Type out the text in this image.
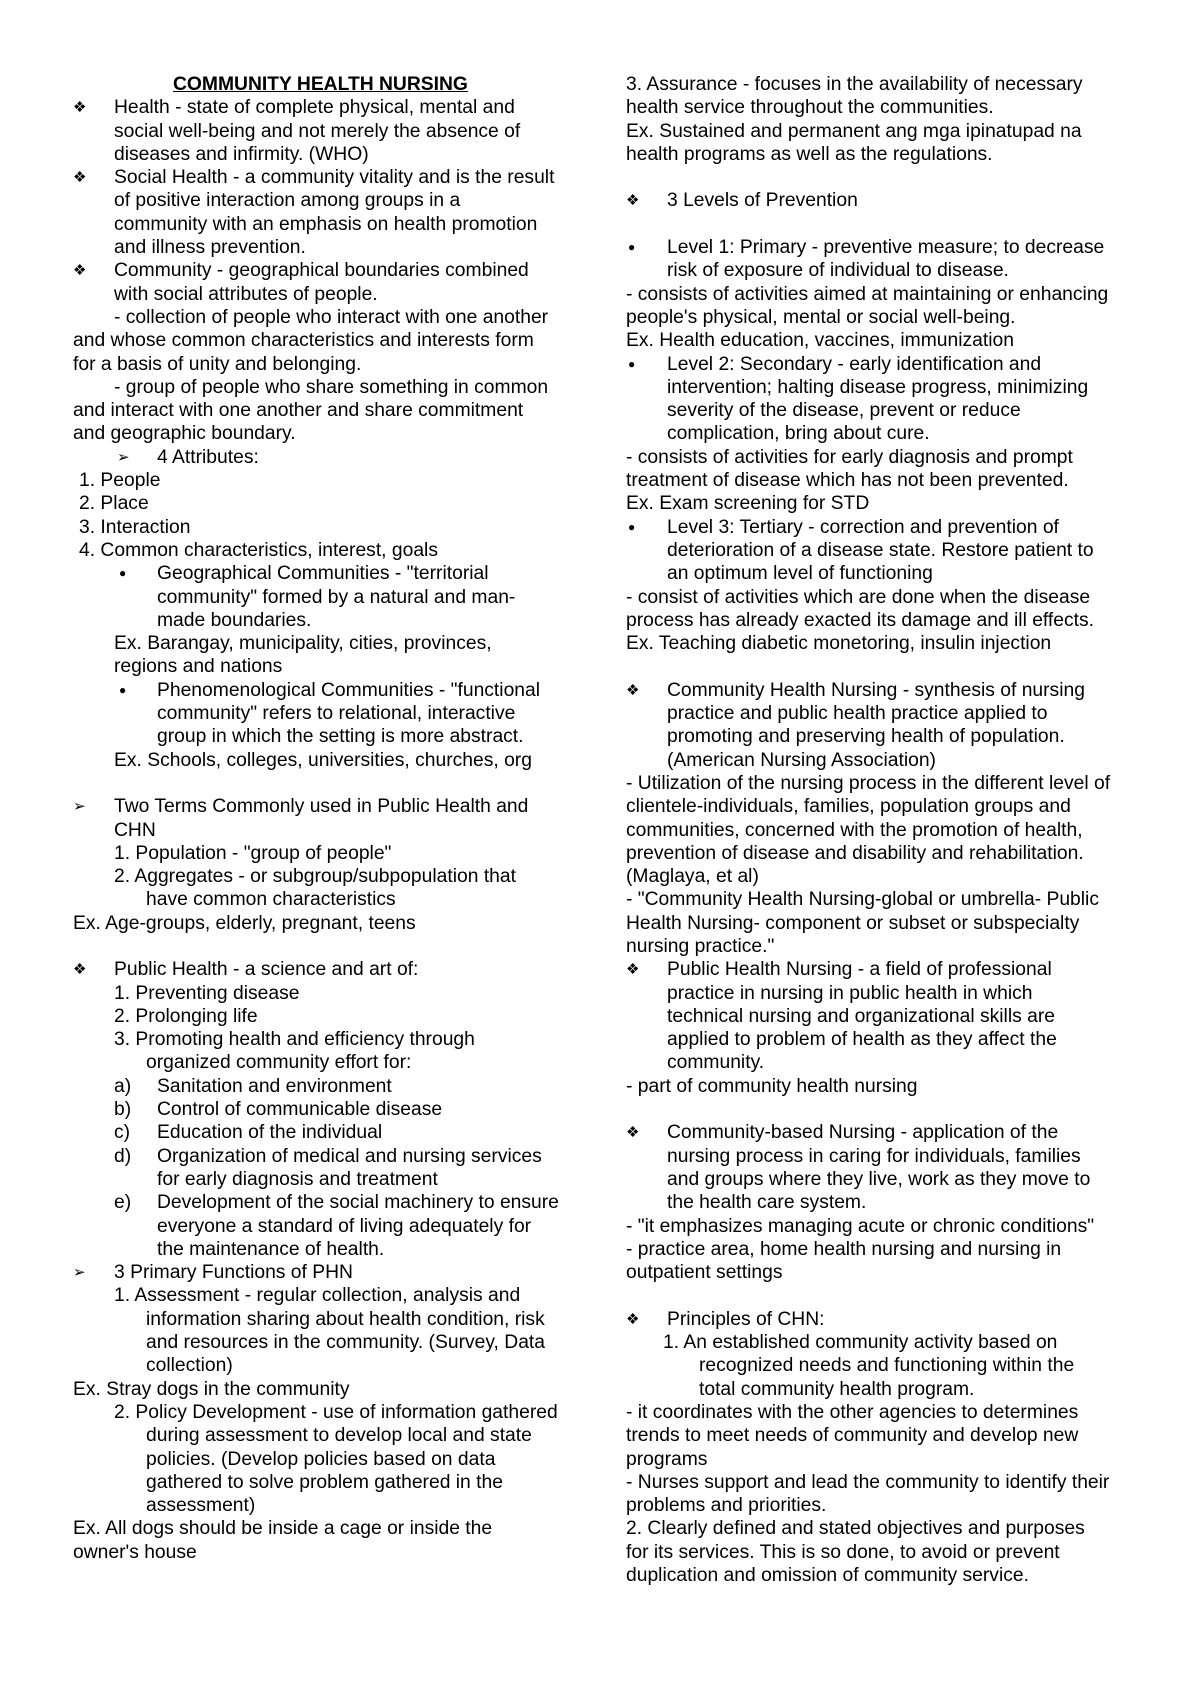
COMMUNITY HEALTH NURSING
❖ Health - state of complete physical, mental and
social well-being and not merely the absence of
diseases and infirmity. (WHO)
❖ Social Health - a community vitality and is the result
of positive interaction among groups in a
community with an emphasis on health promotion
and illness prevention.
❖ Community - geographical boundaries combined
with social attributes of people.
- collection of people who interact with one another
and whose common characteristics and interests form
for a basis of unity and belonging.
- group of people who share something in common
and interact with one another and share commitment
and geographic boundary.
➢ 4 Attributes:
1. People
2. Place
3. Interaction
4. Common characteristics, interest, goals
● Geographical Communities - "territorial
community" formed by a natural and man-
made boundaries.
Ex. Barangay, municipality, cities, provinces,
regions and nations
● Phenomenological Communities - "functional
community" refers to relational, interactive
group in which the setting is more abstract.
Ex. Schools, colleges, universities, churches, org
➢ Two Terms Commonly used in Public Health and
CHN
1. Population - "group of people"
2. Aggregates - or subgroup/subpopulation that
have common characteristics
Ex. Age-groups, elderly, pregnant, teens
❖ Public Health - a science and art of:
1. Preventing disease
2. Prolonging life
3. Promoting health and efficiency through
organized community effort for:
a) Sanitation and environment
b) Control of communicable disease
c) Education of the individual
d) Organization of medical and nursing services
for early diagnosis and treatment
e) Development of the social machinery to ensure
everyone a standard of living adequately for
the maintenance of health.
➢ 3 Primary Functions of PHN
1. Assessment - regular collection, analysis and
information sharing about health condition, risk
and resources in the community. (Survey, Data
collection)
Ex. Stray dogs in the community
2. Policy Development - use of information gathered
during assessment to develop local and state
policies. (Develop policies based on data
gathered to solve problem gathered in the
assessment)
Ex. All dogs should be inside a cage or inside the
owner's house
3. Assurance - focuses in the availability of necessary
health service throughout the communities.
Ex. Sustained and permanent ang mga ipinatupad na
health programs as well as the regulations.
❖ 3 Levels of Prevention
● Level 1: Primary - preventive measure; to decrease
risk of exposure of individual to disease.
- consists of activities aimed at maintaining or enhancing
people's physical, mental or social well-being.
Ex. Health education, vaccines, immunization
● Level 2: Secondary - early identification and
intervention; halting disease progress, minimizing
severity of the disease, prevent or reduce
complication, bring about cure.
- consists of activities for early diagnosis and prompt
treatment of disease which has not been prevented.
Ex. Exam screening for STD
● Level 3: Tertiary - correction and prevention of
deterioration of a disease state. Restore patient to
an optimum level of functioning
- consist of activities which are done when the disease
process has already exacted its damage and ill effects.
Ex. Teaching diabetic monetoring, insulin injection
❖ Community Health Nursing - synthesis of nursing
practice and public health practice applied to
promoting and preserving health of population.
(American Nursing Association)
- Utilization of the nursing process in the different level of
clientele-individuals, families, population groups and
communities, concerned with the promotion of health,
prevention of disease and disability and rehabilitation.
(Maglaya, et al)
- "Community Health Nursing-global or umbrella- Public
Health Nursing- component or subset or subspecialty
nursing practice."
❖ Public Health Nursing - a field of professional
practice in nursing in public health in which
technical nursing and organizational skills are
applied to problem of health as they affect the
community.
- part of community health nursing
❖ Community-based Nursing - application of the
nursing process in caring for individuals, families
and groups where they live, work as they move to
the health care system.
- "it emphasizes managing acute or chronic conditions"
- practice area, home health nursing and nursing in
outpatient settings
❖ Principles of CHN:
1. An established community activity based on
recognized needs and functioning within the
total community health program.
- it coordinates with the other agencies to determines
trends to meet needs of community and develop new
programs
- Nurses support and lead the community to identify their
problems and priorities.
2. Clearly defined and stated objectives and purposes
for its services. This is so done, to avoid or prevent
duplication and omission of community service.
